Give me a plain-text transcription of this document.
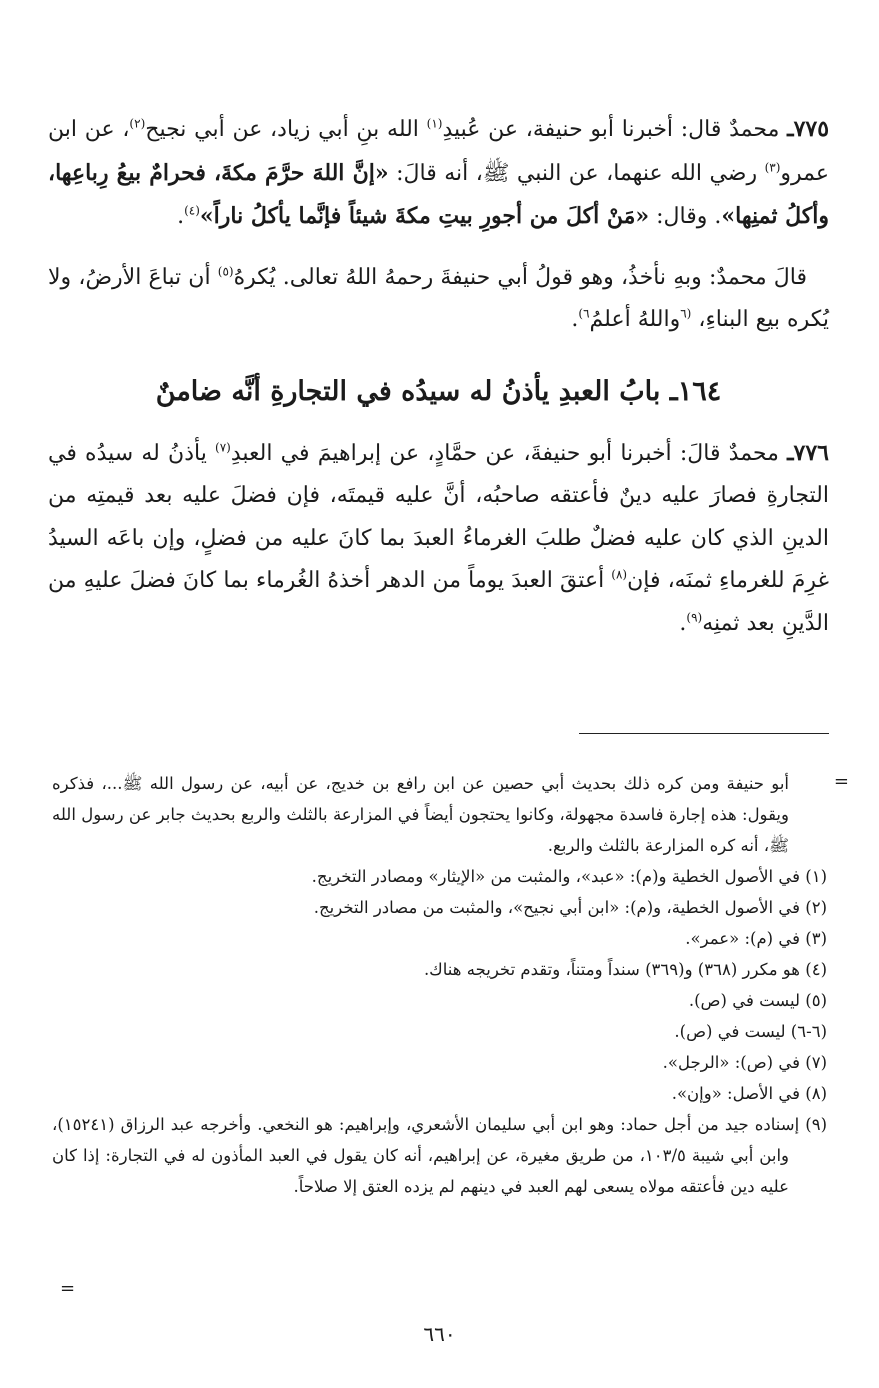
٧٧٥ـ محمدٌ قال: أخبرنا أبو حنيفة، عن عُبيدِ$^{(١)}$ الله بنِ أبي زياد، عن أبي نجيح$^{(٢)}$، عن ابن عمرو$^{(٣)}$ رضي الله عنهما، عن النبي ﷺ، أنه قالَ: «إنَّ اللهَ حرَّمَ مكةَ، فحرامٌ بيعُ رِباعِها، وأكلُ ثمنِها». وقال: «مَنْ أكلَ من أجورِ بيتِ مكةَ شيئاً فإنَّما يأكلُ ناراً»$^{(٤)}$.

 قالَ محمدٌ: وبهِ نأخذُ، وهو قولُ أبي حنيفةَ رحمهُ اللهُ تعالى. يُكرهُ$^{(٥)}$ أن تباعَ الأرضُ، ولا يُكره بيع البناءِ، $^{(٦}$واللهُ أعلمُ$^{٦)}$.

١٦٤ـ بابُ العبدِ يأذنُ له سيدُه في التجارةِ أنَّه ضامنٌ

٧٧٦ـ محمدٌ قالَ: أخبرنا أبو حنيفةَ، عن حمَّادٍ، عن إبراهيمَ في العبدِ$^{(٧)}$ يأذنُ له سيدُه في التجارةِ فصارَ عليه دينٌ فأعتقه صاحبُه، أنَّ عليه قيمتَه، فإن فضلَ عليه بعد قيمتِه من الدينِ الذي كان عليه فضلٌ طلبَ الغرماءُ العبدَ بما كانَ عليه من فضلٍ، وإن باعَه السيدُ غرِمَ للغرماءِ ثمنَه، فإن$^{(٨)}$ أعتقَ العبدَ يوماً من الدهر أخذهُ الغُرماء بما كانَ فضلَ عليهِ من الدَّينِ بعد ثمنِه$^{(٩)}$.

=

أبو حنيفة ومن كره ذلك بحديث أبي حصين عن ابن رافع بن خديج، عن أبيه، عن رسول الله ﷺ...، فذكره ويقول: هذه إجارة فاسدة مجهولة، وكانوا يحتجون أيضاً في المزارعة بالثلث والربع بحديث جابر عن رسول الله ﷺ، أنه كره المزارعة بالثلث والربع.

(١) في الأصول الخطية و(م): «عبد»، والمثبت من «الإيثار» ومصادر التخريج.

(٢) في الأصول الخطية، و(م): «ابن أبي نجيح»، والمثبت من مصادر التخريج.

(٣) في (م): «عمر».

(٤) هو مكرر (٣٦٨) و(٣٦٩) سنداً ومتناً، وتقدم تخريجه هناك.

(٥) ليست في (ص).

(٦-٦) ليست في (ص).

(٧) في (ص): «الرجل».

(٨) في الأصل: «وإن».

(٩) إسناده جيد من أجل حماد: وهو ابن أبي سليمان الأشعري، وإبراهيم: هو النخعي. وأخرجه عبد الرزاق (١٥٢٤١)، وابن أبي شيبة ١٠٣/٥، من طريق مغيرة، عن إبراهيم، أنه كان يقول في العبد المأذون له في التجارة: إذا كان عليه دين فأعتقه مولاه يسعى لهم العبد في دينهم لم يزده العتق إلا صلاحاً.

=
٦٦٠
